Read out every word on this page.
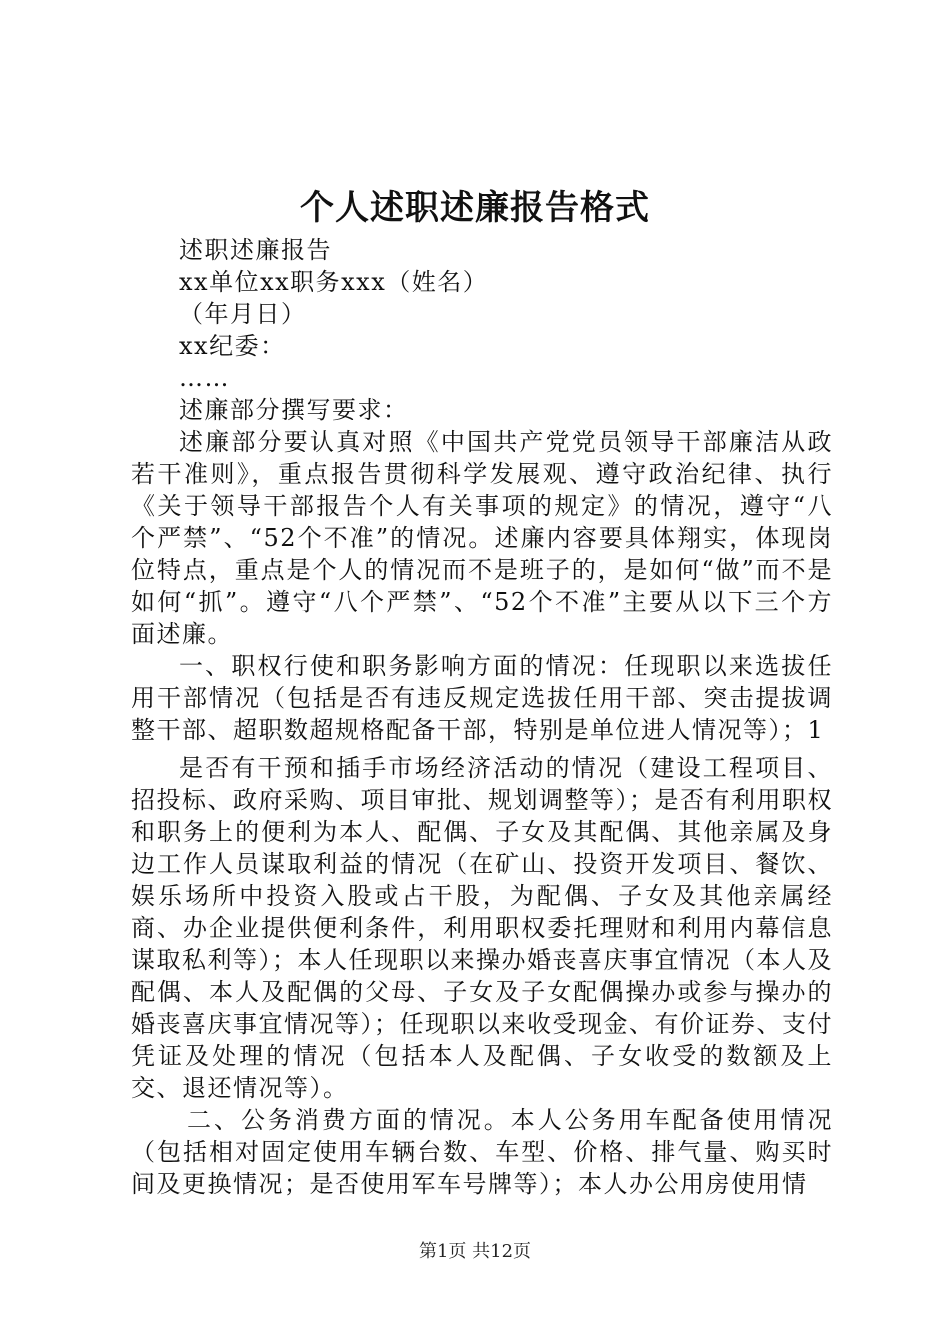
个人述职述廉报告格式

述职述廉报告

xx单位xx职务xxx（姓名）

（年月日）

xx纪委：

……

述廉部分撰写要求：

述廉部分要认真对照《中国共产党党员领导干部廉洁从政若干准则》，重点报告贯彻科学发展观、遵守政治纪律、执行《关于领导干部报告个人有关事项的规定》的情况，遵守“八个严禁”、“52个不准”的情况。述廉内容要具体翔实，体现岗位特点，重点是个人的情况而不是班子的，是如何“做”而不是如何“抓”。遵守“八个严禁”、“52个不准”主要从以下三个方面述廉。

一、职权行使和职务影响方面的情况：任现职以来选拔任用干部情况（包括是否有违反规定选拔任用干部、突击提拔调整干部、超职数超规格配备干部，特别是单位进人情况等）；1

是否有干预和插手市场经济活动的情况（建设工程项目、招投标、政府采购、项目审批、规划调整等）；是否有利用职权和职务上的便利为本人、配偶、子女及其配偶、其他亲属及身边工作人员谋取利益的情况（在矿山、投资开发项目、餐饮、娱乐场所中投资入股或占干股，为配偶、子女及其他亲属经商、办企业提供便利条件，利用职权委托理财和利用内幕信息谋取私利等）；本人任现职以来操办婚丧喜庆事宜情况（本人及配偶、本人及配偶的父母、子女及子女配偶操办或参与操办的婚丧喜庆事宜情况等）；任现职以来收受现金、有价证券、支付凭证及处理的情况（包括本人及配偶、子女收受的数额及上交、退还情况等）。

二、公务消费方面的情况。本人公务用车配备使用情况（包括相对固定使用车辆台数、车型、价格、排气量、购买时间及更换情况；是否使用军车号牌等）；本人办公用房使用情

第1页 共12页
